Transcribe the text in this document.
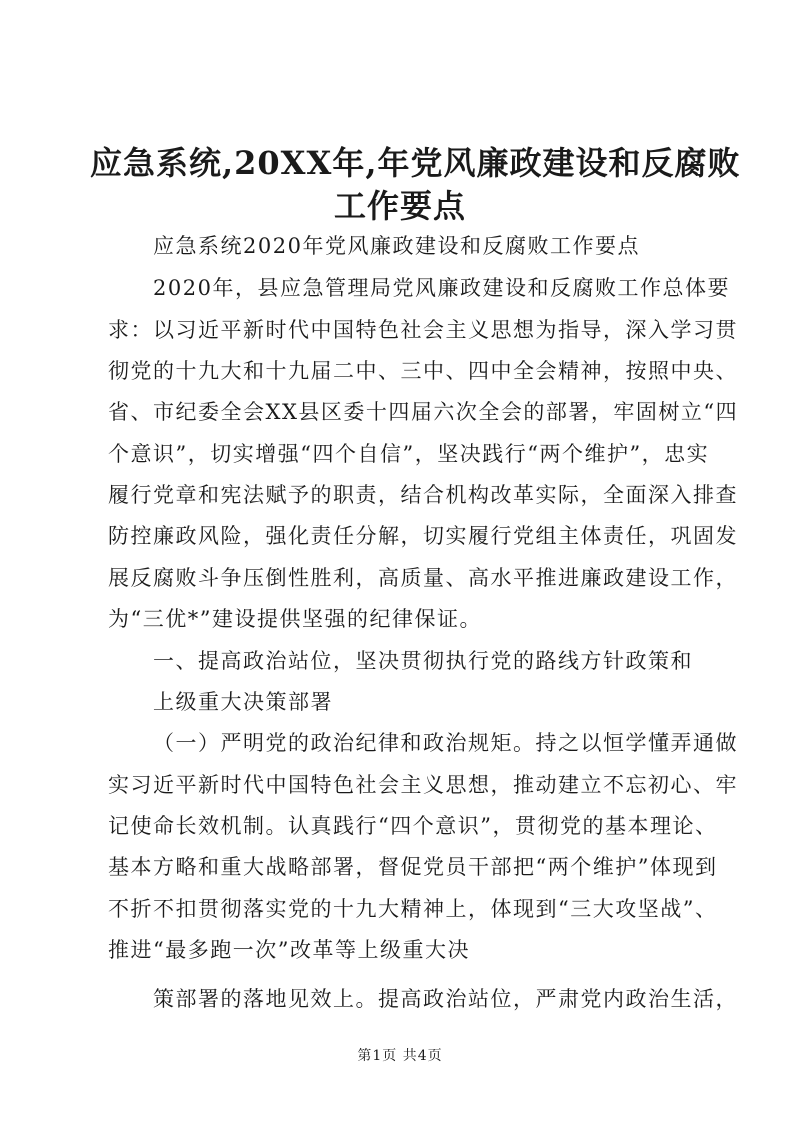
应急系统,20XX年,年党风廉政建设和反腐败
工作要点
应急系统2020年党风廉政建设和反腐败工作要点
2020年，县应急管理局党风廉政建设和反腐败工作总体要
求：以习近平新时代中国特色社会主义思想为指导，深入学习贯
彻党的十九大和十九届二中、三中、四中全会精神，按照中央、
省、市纪委全会XX县区委十四届六次全会的部署，牢固树立“四
个意识”，切实增强“四个自信”，坚决践行“两个维护”，忠实
履行党章和宪法赋予的职责，结合机构改革实际，全面深入排查
防控廉政风险，强化责任分解，切实履行党组主体责任，巩固发
展反腐败斗争压倒性胜利，高质量、高水平推进廉政建设工作，
为“三优*”建设提供坚强的纪律保证。
一、提高政治站位，坚决贯彻执行党的路线方针政策和
上级重大决策部署
（一）严明党的政治纪律和政治规矩。持之以恒学懂弄通做
实习近平新时代中国特色社会主义思想，推动建立不忘初心、牢
记使命长效机制。认真践行“四个意识”，贯彻党的基本理论、
基本方略和重大战略部署，督促党员干部把“两个维护”体现到
不折不扣贯彻落实党的十九大精神上，体现到“三大攻坚战”、
推进“最多跑一次”改革等上级重大决
策部署的落地见效上。提高政治站位，严肃党内政治生活，
第1页 共4页
